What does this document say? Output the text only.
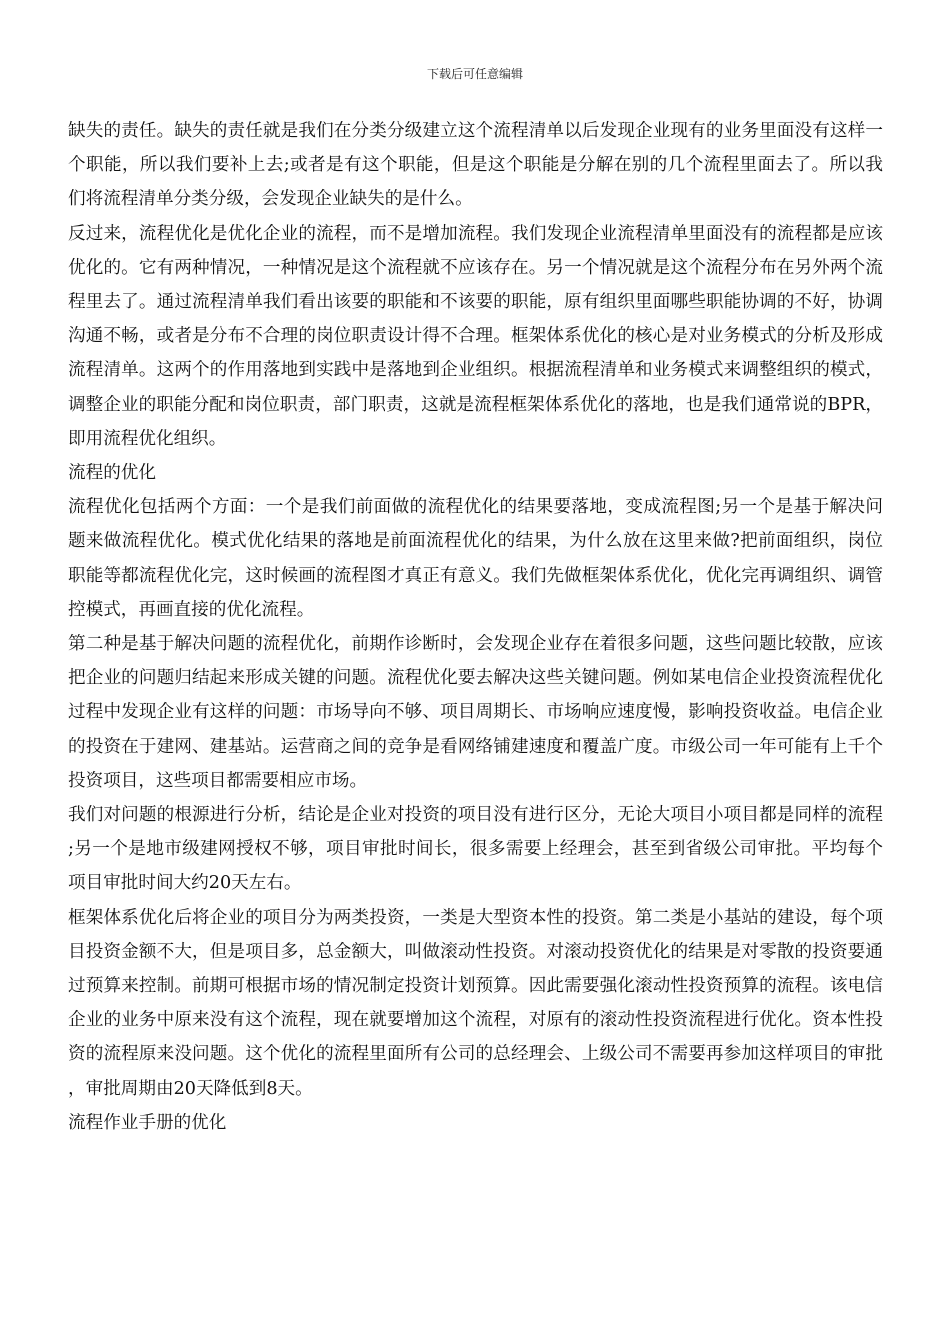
下载后可任意编辑

缺失的责任。缺失的责任就是我们在分类分级建立这个流程清单以后发现企业现有的业务里面没有这样一个职能，所以我们要补上去;或者是有这个职能，但是这个职能是分解在别的几个流程里面去了。所以我们将流程清单分类分级，会发现企业缺失的是什么。

反过来，流程优化是优化企业的流程，而不是增加流程。我们发现企业流程清单里面没有的流程都是应该优化的。它有两种情况，一种情况是这个流程就不应该存在。另一个情况就是这个流程分布在另外两个流程里去了。通过流程清单我们看出该要的职能和不该要的职能，原有组织里面哪些职能协调的不好，协调沟通不畅，或者是分布不合理的岗位职责设计得不合理。框架体系优化的核心是对业务模式的分析及形成流程清单。这两个的作用落地到实践中是落地到企业组织。根据流程清单和业务模式来调整组织的模式，调整企业的职能分配和岗位职责，部门职责，这就是流程框架体系优化的落地，也是我们通常说的BPR，即用流程优化组织。

流程的优化

流程优化包括两个方面：一个是我们前面做的流程优化的结果要落地，变成流程图;另一个是基于解决问题来做流程优化。模式优化结果的落地是前面流程优化的结果，为什么放在这里来做?把前面组织，岗位职能等都流程优化完，这时候画的流程图才真正有意义。我们先做框架体系优化，优化完再调组织、调管控模式，再画直接的优化流程。

第二种是基于解决问题的流程优化，前期作诊断时，会发现企业存在着很多问题，这些问题比较散，应该把企业的问题归结起来形成关键的问题。流程优化要去解决这些关键问题。例如某电信企业投资流程优化过程中发现企业有这样的问题：市场导向不够、项目周期长、市场响应速度慢，影响投资收益。电信企业的投资在于建网、建基站。运营商之间的竞争是看网络铺建速度和覆盖广度。市级公司一年可能有上千个投资项目，这些项目都需要相应市场。

我们对问题的根源进行分析，结论是企业对投资的项目没有进行区分，无论大项目小项目都是同样的流程;另一个是地市级建网授权不够，项目审批时间长，很多需要上经理会，甚至到省级公司审批。平均每个项目审批时间大约20天左右。

框架体系优化后将企业的项目分为两类投资，一类是大型资本性的投资。第二类是小基站的建设，每个项目投资金额不大，但是项目多，总金额大，叫做滚动性投资。对滚动投资优化的结果是对零散的投资要通过预算来控制。前期可根据市场的情况制定投资计划预算。因此需要强化滚动性投资预算的流程。该电信企业的业务中原来没有这个流程，现在就要增加这个流程，对原有的滚动性投资流程进行优化。资本性投资的流程原来没问题。这个优化的流程里面所有公司的总经理会、上级公司不需要再参加这样项目的审批，审批周期由20天降低到8天。

流程作业手册的优化
